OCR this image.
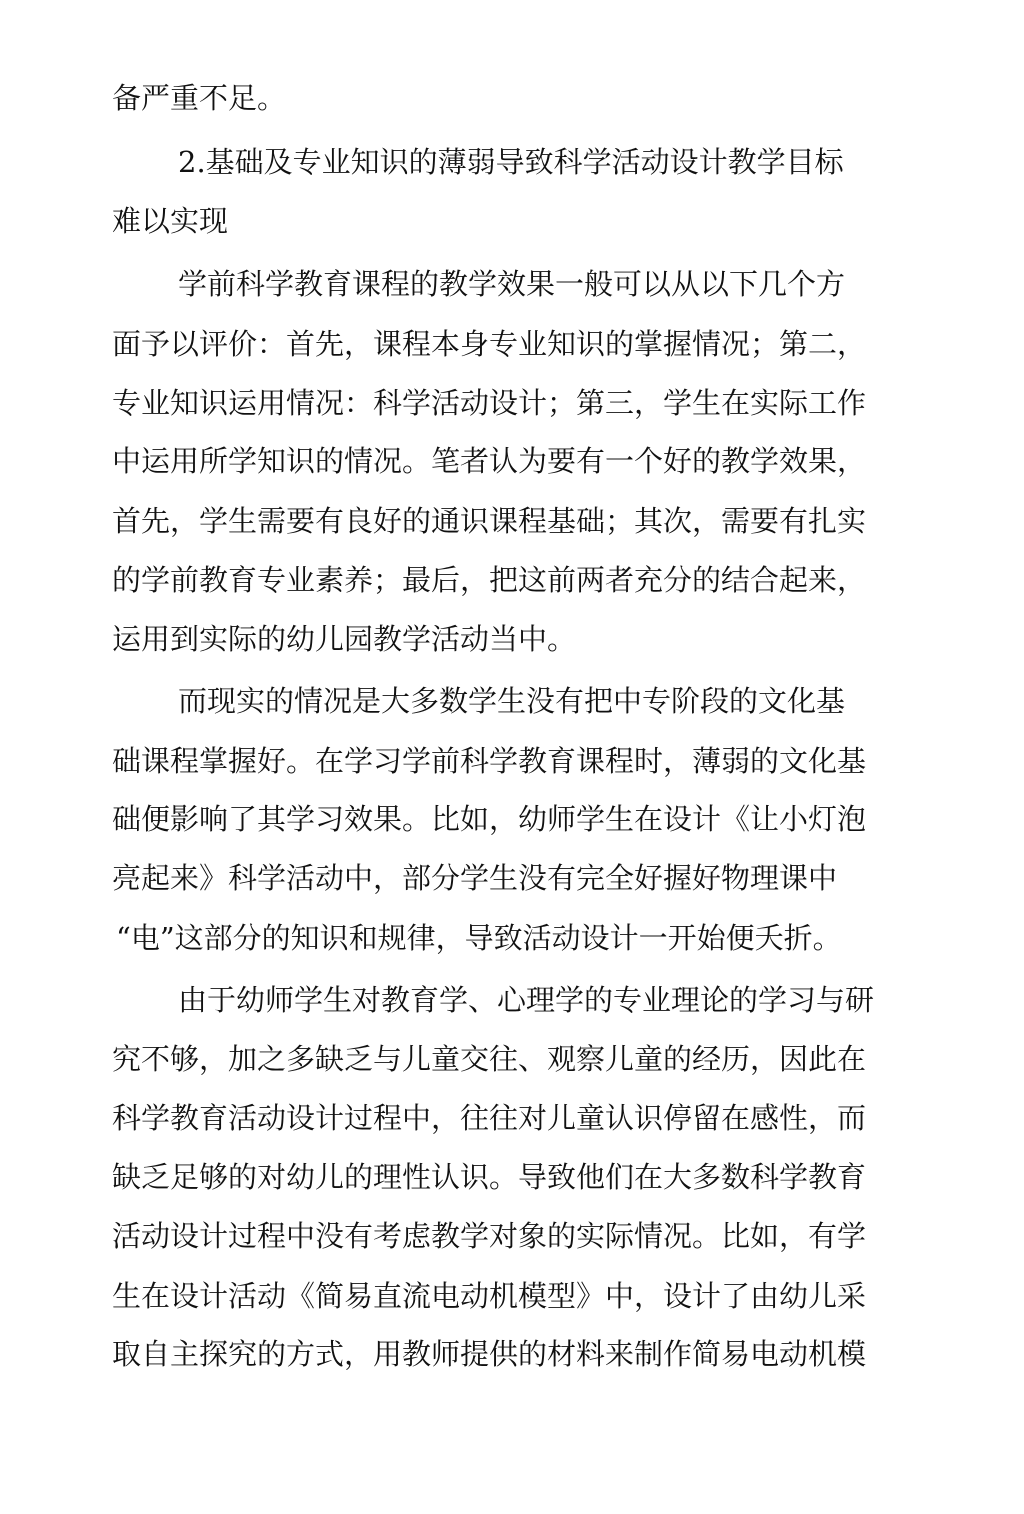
备严重不足。

2.基础及专业知识的薄弱导致科学活动设计教学目标

难以实现

学前科学教育课程的教学效果一般可以从以下几个方

面予以评价：首先，课程本身专业知识的掌握情况；第二，

专业知识运用情况：科学活动设计；第三，学生在实际工作

中运用所学知识的情况。笔者认为要有一个好的教学效果，

首先，学生需要有良好的通识课程基础；其次，需要有扎实

的学前教育专业素养；最后，把这前两者充分的结合起来，

运用到实际的幼儿园教学活动当中。

而现实的情况是大多数学生没有把中专阶段的文化基

础课程掌握好。在学习学前科学教育课程时，薄弱的文化基

础便影响了其学习效果。比如，幼师学生在设计《让小灯泡

亮起来》科学活动中，部分学生没有完全好握好物理课中

“电”这部分的知识和规律，导致活动设计一开始便夭折。

由于幼师学生对教育学、心理学的专业理论的学习与研

究不够，加之多缺乏与儿童交往、观察儿童的经历，因此在

科学教育活动设计过程中，往往对儿童认识停留在感性，而

缺乏足够的对幼儿的理性认识。导致他们在大多数科学教育

活动设计过程中没有考虑教学对象的实际情况。比如，有学

生在设计活动《简易直流电动机模型》中，设计了由幼儿采

取自主探究的方式，用教师提供的材料来制作简易电动机模
